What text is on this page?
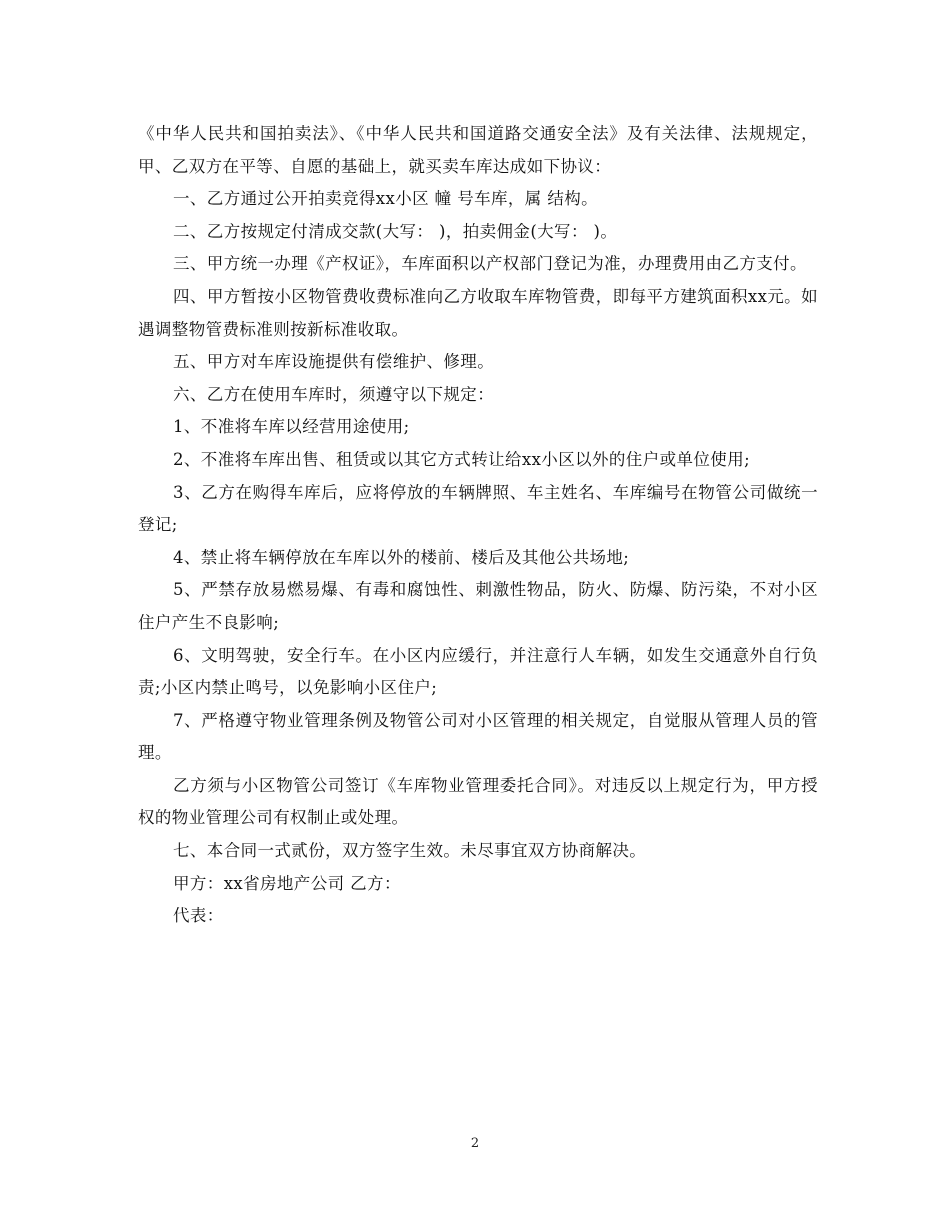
《中华人民共和国拍卖法》、《中华人民共和国道路交通安全法》及有关法律、法规规定，甲、乙双方在平等、自愿的基础上，就买卖车库达成如下协议：

一、乙方通过公开拍卖竞得xx小区 幢 号车库，属 结构。

二、乙方按规定付清成交款(大写： )，拍卖佣金(大写： )。

三、甲方统一办理《产权证》，车库面积以产权部门登记为准，办理费用由乙方支付。

四、甲方暂按小区物管费收费标准向乙方收取车库物管费，即每平方建筑面积xx元。如遇调整物管费标准则按新标准收取。

五、甲方对车库设施提供有偿维护、修理。

六、乙方在使用车库时，须遵守以下规定：

1、不准将车库以经营用途使用;

2、不准将车库出售、租赁或以其它方式转让给xx小区以外的住户或单位使用;

3、乙方在购得车库后，应将停放的车辆牌照、车主姓名、车库编号在物管公司做统一登记;

4、禁止将车辆停放在车库以外的楼前、楼后及其他公共场地;

5、严禁存放易燃易爆、有毒和腐蚀性、刺激性物品，防火、防爆、防污染，不对小区住户产生不良影响;

6、文明驾驶，安全行车。在小区内应缓行，并注意行人车辆，如发生交通意外自行负责;小区内禁止鸣号，以免影响小区住户;

7、严格遵守物业管理条例及物管公司对小区管理的相关规定，自觉服从管理人员的管理。

乙方须与小区物管公司签订《车库物业管理委托合同》。对违反以上规定行为，甲方授权的物业管理公司有权制止或处理。

七、本合同一式贰份，双方签字生效。未尽事宜双方协商解决。

甲方：xx省房地产公司 乙方：

代表：

2
